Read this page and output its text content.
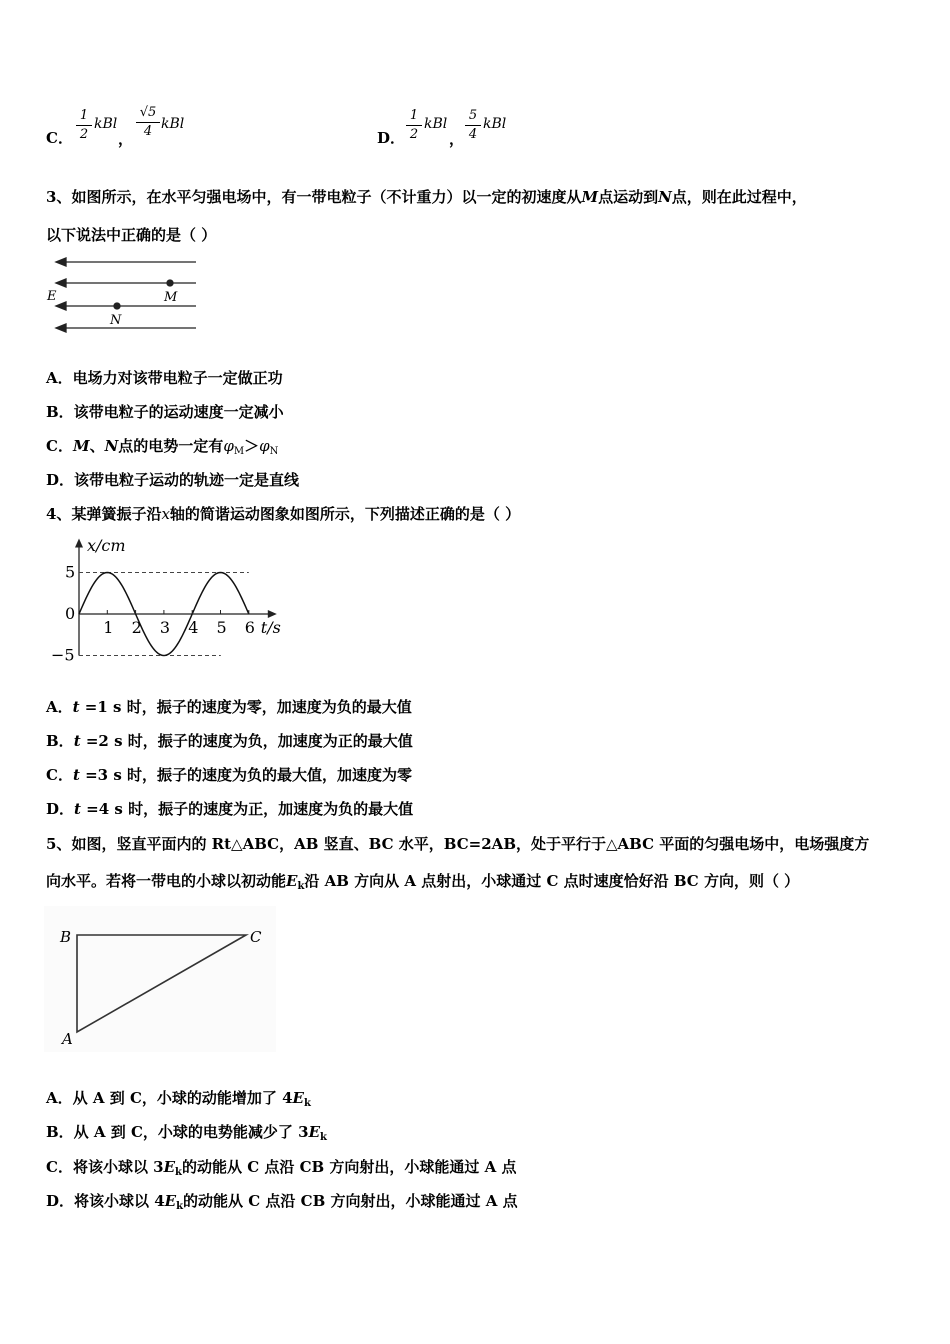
C． $\frac{1}{2}$ kBl
， $\frac{√5}{4}$ kBl
D． $\frac{1}{2}$ kBl
， $\frac{5}{4}$ kBl
3、如图所示，在水平匀强电场中，有一带电粒子（不计重力）以一定的初速度从M点运动到N点，则在此过程中，
以下说法中正确的是（ ）
E	M
N
A．电场力对该带电粒子一定做正功
B．该带电粒子的运动速度一定减小
C．M、N点的电势一定有$\varphi_M>\varphi_N$
D．该带电粒子运动的轨迹一定是直线
4、某弹簧振子沿x轴的简谐运动图象如图所示，下列描述正确的是（ ）
1 2 3 4 5 6
5
0
−5
x/cm
t/s
A．t =1 s 时，振子的速度为零，加速度为负的最大值
B．t =2 s 时，振子的速度为负，加速度为正的最大值
C．t =3 s 时，振子的速度为负的最大值，加速度为零
D．t =4 s 时，振子的速度为正，加速度为负的最大值
5、如图，竖直平面内的 Rt△ABC，AB 竖直、BC 水平，BC=2AB，处于平行于△ABC 平面的匀强电场中，电场强度方
向水平。若将一带电的小球以初动能$E_k$沿 AB 方向从 A 点射出，小球通过 C 点时速度恰好沿 BC 方向，则（ ）
B	C
A
A．从 A 到 C，小球的动能增加了 $4E_k$
B．从 A 到 C，小球的电势能减少了 $3E_k$
C．将该小球以 $3E_k$的动能从 C 点沿 CB 方向射出，小球能通过 A 点
D．将该小球以 $4E_k$的动能从 C 点沿 CB 方向射出，小球能通过 A 点
